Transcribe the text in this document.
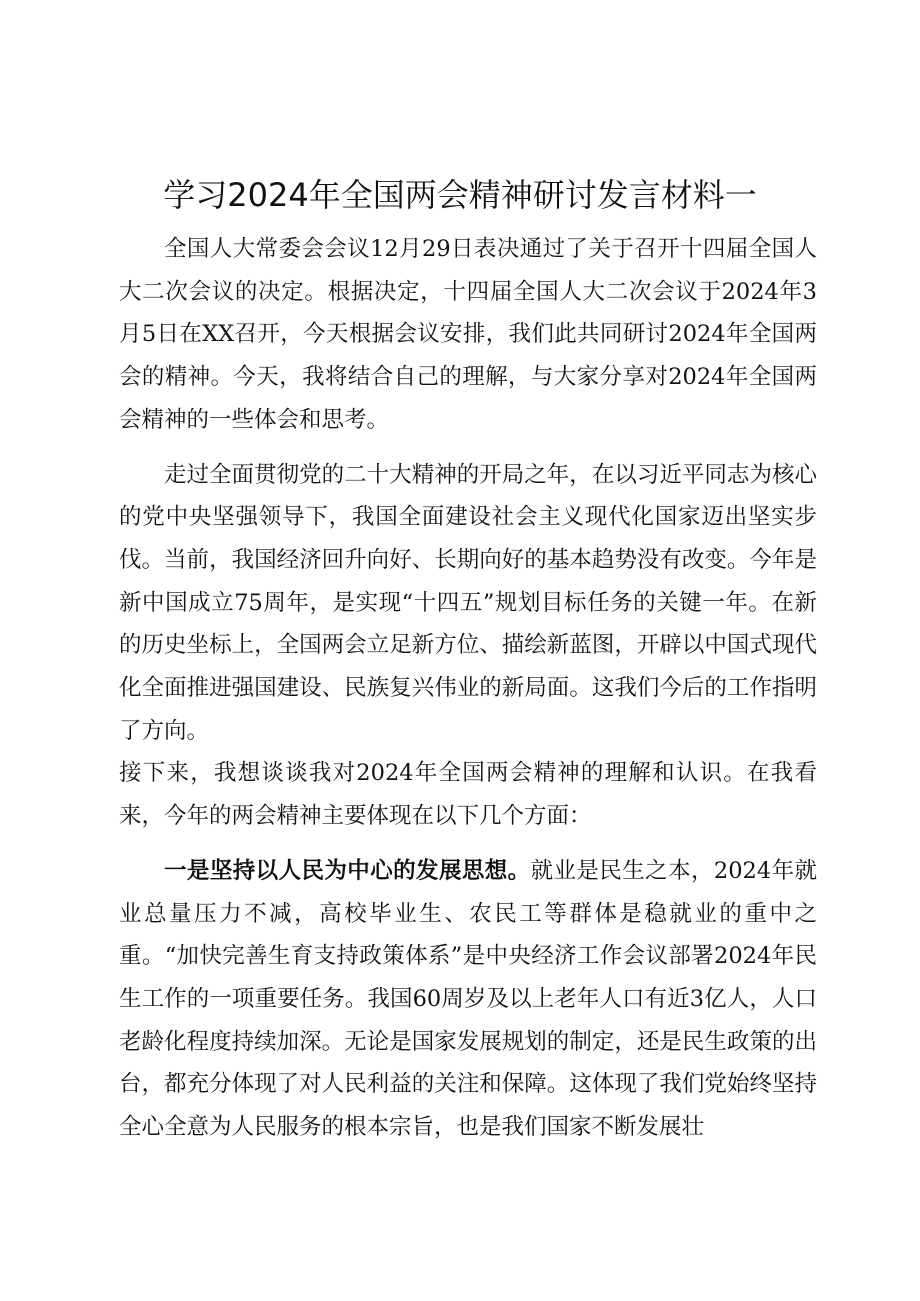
学习2024年全国两会精神研讨发言材料一

全国人大常委会会议12月29日表决通过了关于召开十四届全国人大二次会议的决定。根据决定，十四届全国人大二次会议于2024年3月5日在XX召开，今天根据会议安排，我们此共同研讨2024年全国两会的精神。今天，我将结合自己的理解，与大家分享对2024年全国两会精神的一些体会和思考。

走过全面贯彻党的二十大精神的开局之年，在以习近平同志为核心的党中央坚强领导下，我国全面建设社会主义现代化国家迈出坚实步伐。当前，我国经济回升向好、长期向好的基本趋势没有改变。今年是新中国成立75周年，是实现“十四五”规划目标任务的关键一年。在新的历史坐标上，全国两会立足新方位、描绘新蓝图，开辟以中国式现代化全面推进强国建设、民族复兴伟业的新局面。这我们今后的工作指明了方向。

接下来，我想谈谈我对2024年全国两会精神的理解和认识。在我看来，今年的两会精神主要体现在以下几个方面：

一是坚持以人民为中心的发展思想。就业是民生之本，2024年就业总量压力不减，高校毕业生、农民工等群体是稳就业的重中之重。“加快完善生育支持政策体系”是中央经济工作会议部署2024年民生工作的一项重要任务。我国60周岁及以上老年人口有近3亿人，人口老龄化程度持续加深。无论是国家发展规划的制定，还是民生政策的出台，都充分体现了对人民利益的关注和保障。这体现了我们党始终坚持全心全意为人民服务的根本宗旨，也是我们国家不断发展壮
